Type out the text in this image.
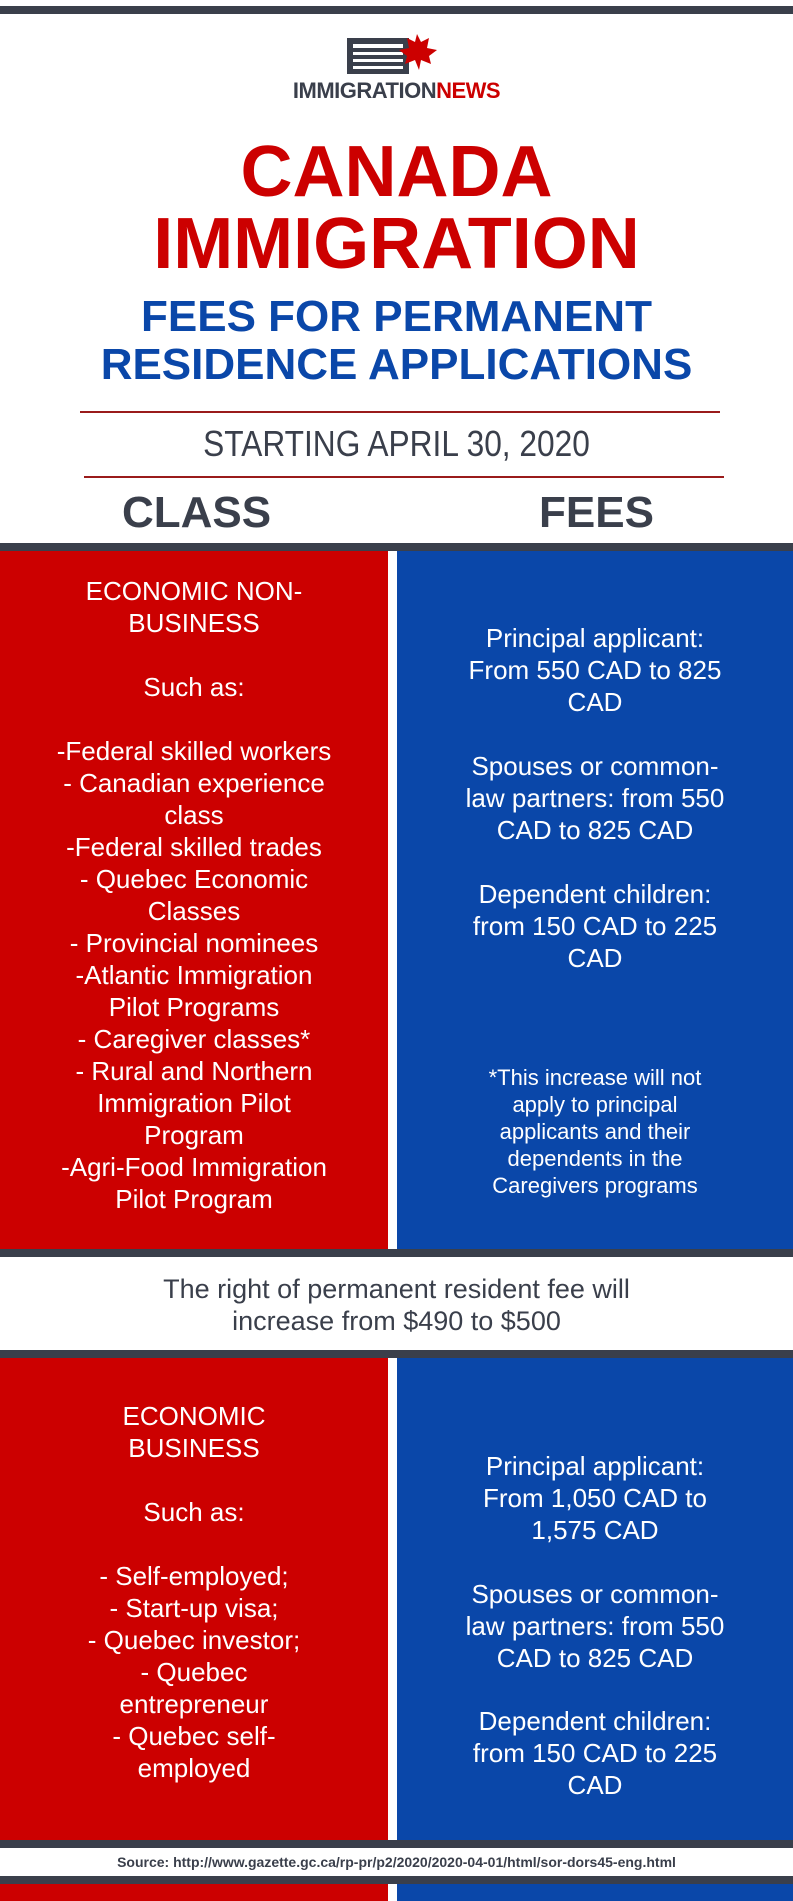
IMMIGRATIONNEWS
CANADA
IMMIGRATION
FEES FOR PERMANENT
RESIDENCE APPLICATIONS
STARTING APRIL 30, 2020
CLASS	FEES
ECONOMIC NON-
BUSINESS
Such as:
-Federal skilled workers
- Canadian experience
class
-Federal skilled trades
- Quebec Economic
Classes
- Provincial nominees
-Atlantic Immigration
Pilot Programs
- Caregiver classes*
- Rural and Northern
Immigration Pilot
Program
-Agri-Food Immigration
Pilot Program
Principal applicant:
From 550 CAD to 825
CAD
Spouses or common-
law partners: from 550
CAD to 825 CAD
Dependent children:
from 150 CAD to 225
CAD
*This increase will not
apply to principal
applicants and their
dependents in the
Caregivers programs
The right of permanent resident fee will
increase from $490 to $500
ECONOMIC
BUSINESS
Such as:
- Self-employed;
- Start-up visa;
- Quebec investor;
- Quebec
entrepreneur
- Quebec self-
employed
Principal applicant:
From 1,050 CAD to
1,575 CAD
Spouses or common-
law partners: from 550
CAD to 825 CAD
Dependent children:
from 150 CAD to 225
CAD
Source: http://www.gazette.gc.ca/rp-pr/p2/2020/2020-04-01/html/sor-dors45-eng.html
